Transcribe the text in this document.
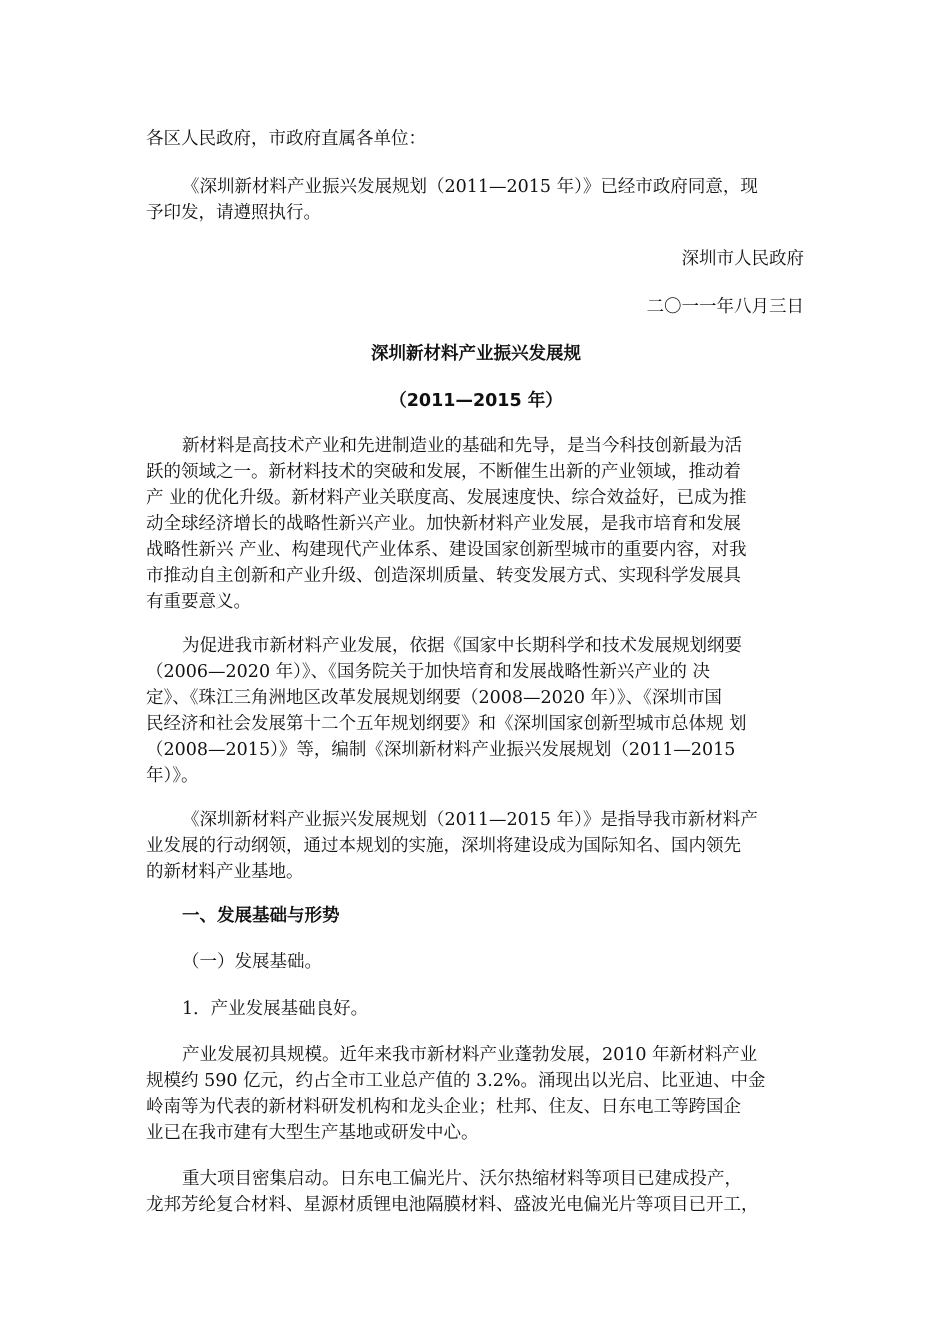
各区人民政府，市政府直属各单位：
《深圳新材料产业振兴发展规划（2011—2015 年）》已经市政府同意，现
予印发，请遵照执行。
深圳市人民政府
二〇一一年八月三日
深圳新材料产业振兴发展规
（2011—2015 年）
新材料是高技术产业和先进制造业的基础和先导，是当今科技创新最为活
跃的领域之一。新材料技术的突破和发展，不断催生出新的产业领域，推动着
产 业的优化升级。新材料产业关联度高、发展速度快、综合效益好，已成为推
动全球经济增长的战略性新兴产业。加快新材料产业发展，是我市培育和发展
战略性新兴 产业、构建现代产业体系、建设国家创新型城市的重要内容，对我
市推动自主创新和产业升级、创造深圳质量、转变发展方式、实现科学发展具
有重要意义。
为促进我市新材料产业发展，依据《国家中长期科学和技术发展规划纲要
（2006—2020 年）》、《国务院关于加快培育和发展战略性新兴产业的 决
定》、《珠江三角洲地区改革发展规划纲要（2008—2020 年）》、《深圳市国
民经济和社会发展第十二个五年规划纲要》和《深圳国家创新型城市总体规 划
（2008—2015）》等，编制《深圳新材料产业振兴发展规划（2011—2015
年）》。
《深圳新材料产业振兴发展规划（2011—2015 年）》是指导我市新材料产
业发展的行动纲领，通过本规划的实施，深圳将建设成为国际知名、国内领先
的新材料产业基地。
一、发展基础与形势
（一）发展基础。
1．产业发展基础良好。
产业发展初具规模。近年来我市新材料产业蓬勃发展，2010 年新材料产业
规模约 590 亿元，约占全市工业总产值的 3.2%。涌现出以光启、比亚迪、中金
岭南等为代表的新材料研发机构和龙头企业；杜邦、住友、日东电工等跨国企
业已在我市建有大型生产基地或研发中心。
重大项目密集启动。日东电工偏光片、沃尔热缩材料等项目已建成投产，
龙邦芳纶复合材料、星源材质锂电池隔膜材料、盛波光电偏光片等项目已开工，
